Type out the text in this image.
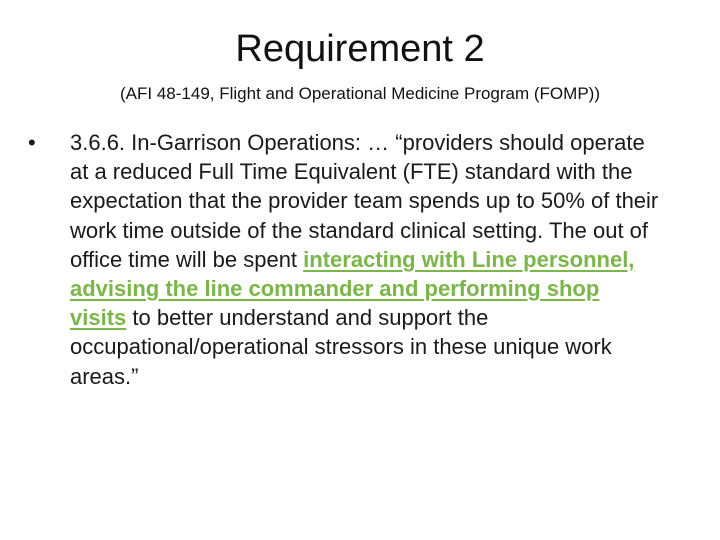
Requirement 2
(AFI 48-149, Flight and Operational Medicine Program (FOMP))
• 3.6.6. In-Garrison Operations: … “providers should operate at a reduced Full Time Equivalent (FTE) standard with the expectation that the provider team spends up to 50% of their work time outside of the standard clinical setting. The out of office time will be spent interacting with Line personnel, advising the line commander and performing shop visits to better understand and support the occupational/operational stressors in these unique work areas.”
